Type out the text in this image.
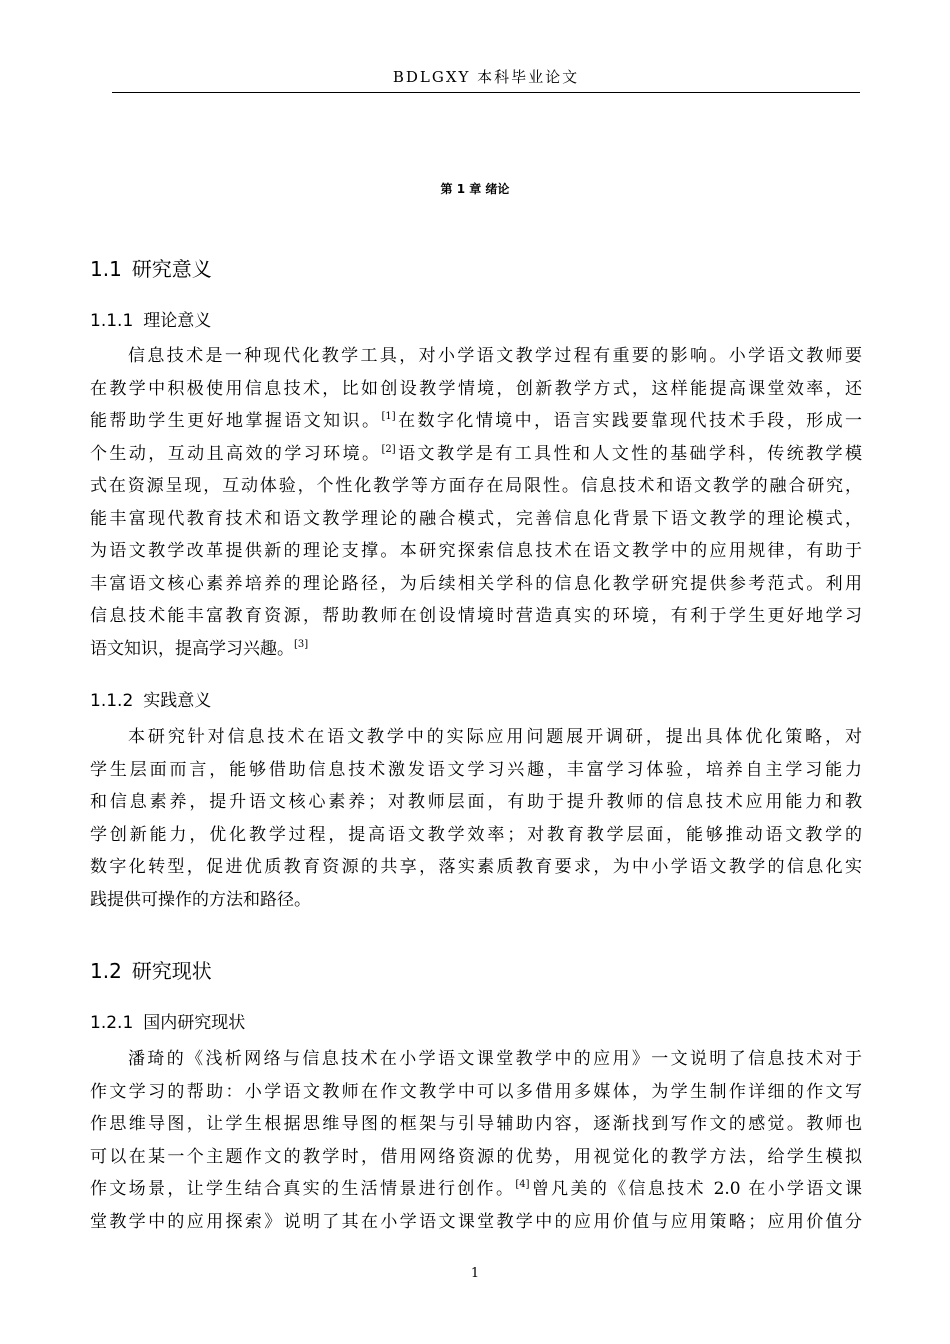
BDLGXY 本科毕业论文
第 1 章 绪论
1.1 研究意义
1.1.1 理论意义
信息技术是一种现代化教学工具，对小学语文教学过程有重要的影响。小学语文教师要
在教学中积极使用信息技术，比如创设教学情境，创新教学方式，这样能提高课堂效率，还
能帮助学生更好地掌握语文知识。[1]在数字化情境中，语言实践要靠现代技术手段，形成一
个生动，互动且高效的学习环境。[2]语文教学是有工具性和人文性的基础学科，传统教学模
式在资源呈现，互动体验，个性化教学等方面存在局限性。信息技术和语文教学的融合研究，
能丰富现代教育技术和语文教学理论的融合模式，完善信息化背景下语文教学的理论模式，
为语文教学改革提供新的理论支撑。本研究探索信息技术在语文教学中的应用规律，有助于
丰富语文核心素养培养的理论路径，为后续相关学科的信息化教学研究提供参考范式。利用
信息技术能丰富教育资源，帮助教师在创设情境时营造真实的环境，有利于学生更好地学习
语文知识，提高学习兴趣。[3]
1.1.2 实践意义
本研究针对信息技术在语文教学中的实际应用问题展开调研，提出具体优化策略，对
学生层面而言，能够借助信息技术激发语文学习兴趣，丰富学习体验，培养自主学习能力
和信息素养，提升语文核心素养；对教师层面，有助于提升教师的信息技术应用能力和教
学创新能力，优化教学过程，提高语文教学效率；对教育教学层面，能够推动语文教学的
数字化转型，促进优质教育资源的共享，落实素质教育要求，为中小学语文教学的信息化实
践提供可操作的方法和路径。
1.2 研究现状
1.2.1 国内研究现状
潘琦的《浅析网络与信息技术在小学语文课堂教学中的应用》一文说明了信息技术对于
作文学习的帮助：小学语文教师在作文教学中可以多借用多媒体，为学生制作详细的作文写
作思维导图，让学生根据思维导图的框架与引导辅助内容，逐渐找到写作文的感觉。教师也
可以在某一个主题作文的教学时，借用网络资源的优势，用视觉化的教学方法，给学生模拟
作文场景，让学生结合真实的生活情景进行创作。[4]曾凡美的《信息技术 2.0 在小学语文课
堂教学中的应用探索》说明了其在小学语文课堂教学中的应用价值与应用策略；应用价值分
1
